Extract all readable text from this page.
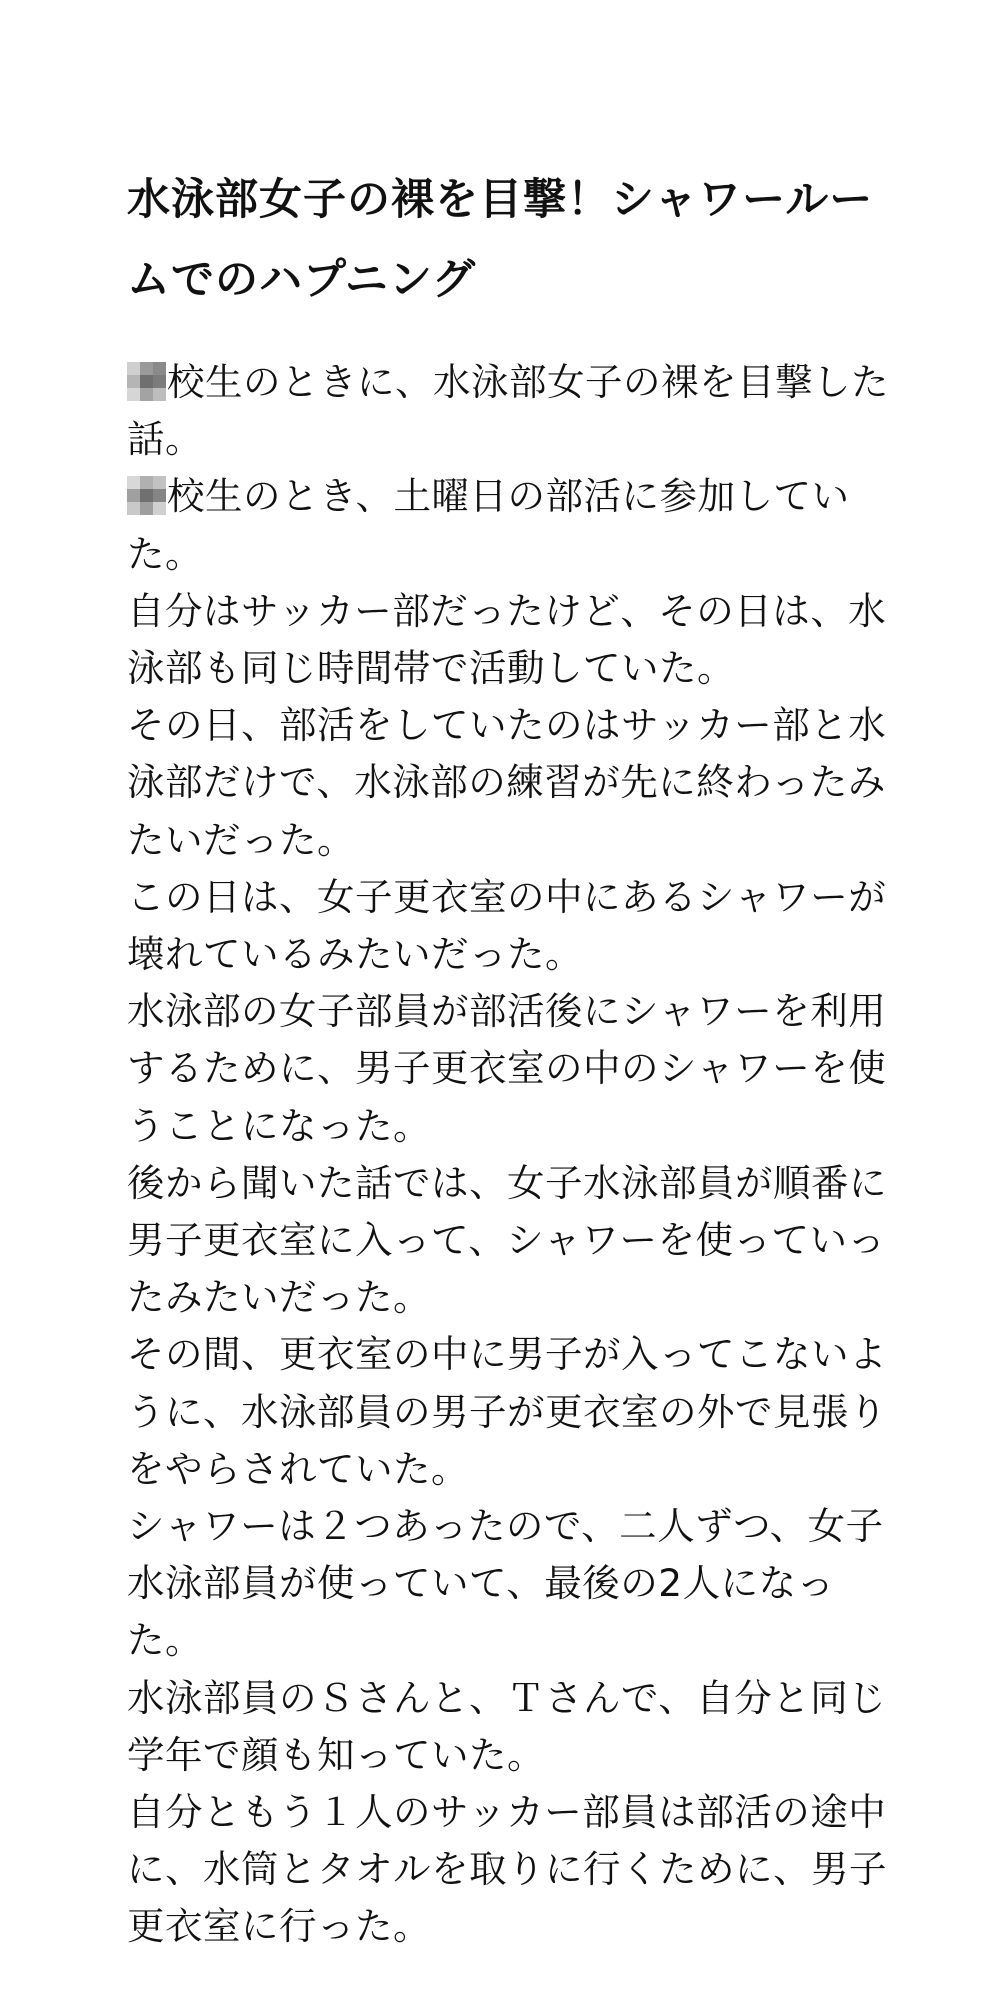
水泳部女子の裸を目撃！シャワールームでのハプニング

校生のときに、水泳部女子の裸を目撃した話。

校生のとき、土曜日の部活に参加していた。

自分はサッカー部だったけど、その日は、水泳部も同じ時間帯で活動していた。

その日、部活をしていたのはサッカー部と水泳部だけで、水泳部の練習が先に終わったみたいだった。

この日は、女子更衣室の中にあるシャワーが壊れているみたいだった。

水泳部の女子部員が部活後にシャワーを利用するために、男子更衣室の中のシャワーを使うことになった。

後から聞いた話では、女子水泳部員が順番に男子更衣室に入って、シャワーを使っていったみたいだった。

その間、更衣室の中に男子が入ってこないように、水泳部員の男子が更衣室の外で見張りをやらされていた。

シャワーは２つあったので、二人ずつ、女子水泳部員が使っていて、最後の2人になった。

水泳部員のＳさんと、Ｔさんで、自分と同じ学年で顔も知っていた。

自分ともう１人のサッカー部員は部活の途中に、水筒とタオルを取りに行くために、男子更衣室に行った。
